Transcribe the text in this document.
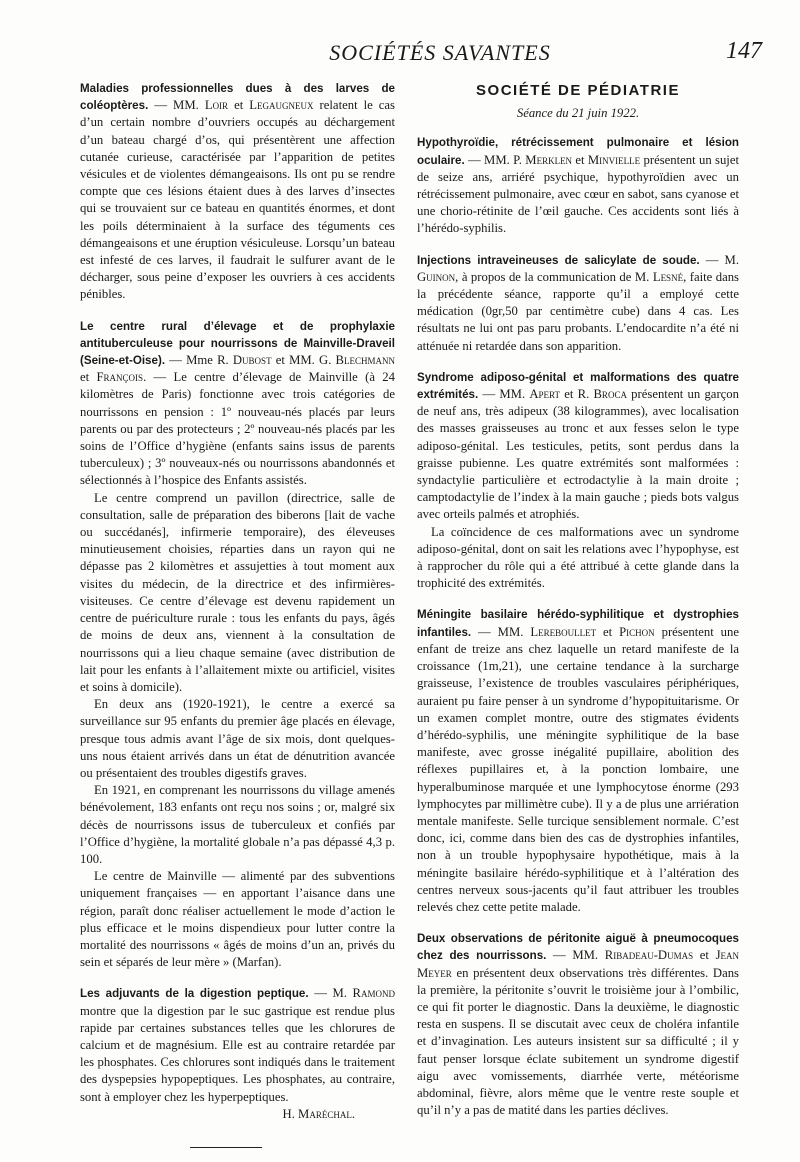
SOCIÉTÉS SAVANTES	147

Maladies professionnelles dues à des larves de coléoptères. — MM. Loir et Legaugneux relatent le cas d’un certain nombre d’ouvriers occupés au déchargement d’un bateau chargé d’os, qui présentèrent une affection cutanée curieuse, caractérisée par l’apparition de petites vésicules et de violentes démangeaisons. Ils ont pu se rendre compte que ces lésions étaient dues à des larves d’insectes qui se trouvaient sur ce bateau en quantités énormes, et dont les poils déterminaient à la surface des téguments ces démangeaisons et une éruption vésiculeuse. Lorsqu’un bateau est infesté de ces larves, il faudrait le sulfurer avant de le décharger, sous peine d’exposer les ouvriers à ces accidents pénibles.

Le centre rural d’élevage et de prophylaxie antituberculeuse pour nourrissons de Mainville-Draveil (Seine-et-Oise). — Mme R. Dubost et MM. G. Blechmann et François. — Le centre d’élevage de Mainville (à 24 kilomètres de Paris) fonctionne avec trois catégories de nourrissons en pension : 1º nouveau-nés placés par leurs parents ou par des protecteurs ; 2º nouveau-nés placés par les soins de l’Office d’hygiène (enfants sains issus de parents tuberculeux) ; 3º nouveaux-nés ou nourrissons abandonnés et sélectionnés à l’hospice des Enfants assistés.

Le centre comprend un pavillon (directrice, salle de consultation, salle de préparation des biberons [lait de vache ou succédanés], infirmerie temporaire), des éleveuses minutieusement choisies, réparties dans un rayon qui ne dépasse pas 2 kilomètres et assujetties à tout moment aux visites du médecin, de la directrice et des infirmières-visiteuses. Ce centre d’élevage est devenu rapidement un centre de puériculture rurale : tous les enfants du pays, âgés de moins de deux ans, viennent à la consultation de nourrissons qui a lieu chaque semaine (avec distribution de lait pour les enfants à l’allaitement mixte ou artificiel, visites et soins à domicile).

En deux ans (1920-1921), le centre a exercé sa surveillance sur 95 enfants du premier âge placés en élevage, presque tous admis avant l’âge de six mois, dont quelques-uns nous étaient arrivés dans un état de dénutrition avancée ou présentaient des troubles digestifs graves.

En 1921, en comprenant les nourrissons du village amenés bénévolement, 183 enfants ont reçu nos soins ; or, malgré six décès de nourrissons issus de tuberculeux et confiés par l’Office d’hygiène, la mortalité globale n’a pas dépassé 4,3 p. 100.

Le centre de Mainville — alimenté par des subventions uniquement françaises — en apportant l’aisance dans une région, paraît donc réaliser actuellement le mode d’action le plus efficace et le moins dispendieux pour lutter contre la mortalité des nourrissons « âgés de moins d’un an, privés du sein et séparés de leur mère » (Marfan).

Les adjuvants de la digestion peptique. — M. Ramond montre que la digestion par le suc gastrique est rendue plus rapide par certaines substances telles que les chlorures de calcium et de magnésium. Elle est au contraire retardée par les phosphates. Ces chlorures sont indiqués dans le traitement des dyspepsies hypopeptiques. Les phosphates, au contraire, sont à employer chez les hyperpeptiques.

H. Maréchal.
SOCIÉTÉ DE PÉDIATRIE
Séance du 21 juin 1922.

Hypothyroïdie, rétrécissement pulmonaire et lésion oculaire. — MM. P. Merklen et Minvielle présentent un sujet de seize ans, arriéré psychique, hypothyroïdien avec un rétrécissement pulmonaire, avec cœur en sabot, sans cyanose et une chorio-rétinite de l’œil gauche. Ces accidents sont liés à l’hérédo-syphilis.

Injections intraveineuses de salicylate de soude. — M. Guinon, à propos de la communication de M. Lesné, faite dans la précédente séance, rapporte qu’il a employé cette médication (0gr,50 par centimètre cube) dans 4 cas. Les résultats ne lui ont pas paru probants. L’endocardite n’a été ni atténuée ni retardée dans son apparition.

Syndrome adiposo-génital et malformations des quatre extrémités. — MM. Apert et R. Broca présentent un garçon de neuf ans, très adipeux (38 kilogrammes), avec localisation des masses graisseuses au tronc et aux fesses selon le type adiposo-génital. Les testicules, petits, sont perdus dans la graisse pubienne. Les quatre extrémités sont malformées : syndactylie particulière et ectrodactylie à la main droite ; camptodactylie de l’index à la main gauche ; pieds bots valgus avec orteils palmés et atrophiés.

La coïncidence de ces malformations avec un syndrome adiposo-génital, dont on sait les relations avec l’hypophyse, est à rapprocher du rôle qui a été attribué à cette glande dans la trophicité des extrémités.

Méningite basilaire hérédo-syphilitique et dystrophies infantiles. — MM. Lereboullet et Pichon présentent une enfant de treize ans chez laquelle un retard manifeste de la croissance (1m,21), une certaine tendance à la surcharge graisseuse, l’existence de troubles vasculaires périphériques, auraient pu faire penser à un syndrome d’hypopituitarisme. Or un examen complet montre, outre des stigmates évidents d’hérédo-syphilis, une méningite syphilitique de la base manifeste, avec grosse inégalité pupillaire, abolition des réflexes pupillaires et, à la ponction lombaire, une hyperalbuminose marquée et une lymphocytose énorme (293 lymphocytes par millimètre cube). Il y a de plus une arriération mentale manifeste. Selle turcique sensiblement normale. C’est donc, ici, comme dans bien des cas de dystrophies infantiles, non à un trouble hypophysaire hypothétique, mais à la méningite basilaire hérédo-syphilitique et à l’altération des centres nerveux sous-jacents qu’il faut attribuer les troubles relevés chez cette petite malade.

Deux observations de péritonite aiguë à pneumocoques chez des nourrissons. — MM. Ribadeau-Dumas et Jean Meyer en présentent deux observations très différentes. Dans la première, la péritonite s’ouvrit le troisième jour à l’ombilic, ce qui fit porter le diagnostic. Dans la deuxième, le diagnostic resta en suspens. Il se discutait avec ceux de choléra infantile et d’invagination. Les auteurs insistent sur sa difficulté ; il y faut penser lorsque éclate subitement un syndrome digestif aigu avec vomissements, diarrhée verte, météorisme abdominal, fièvre, alors même que le ventre reste souple et qu’il n’y a pas de matité dans les parties déclives.
